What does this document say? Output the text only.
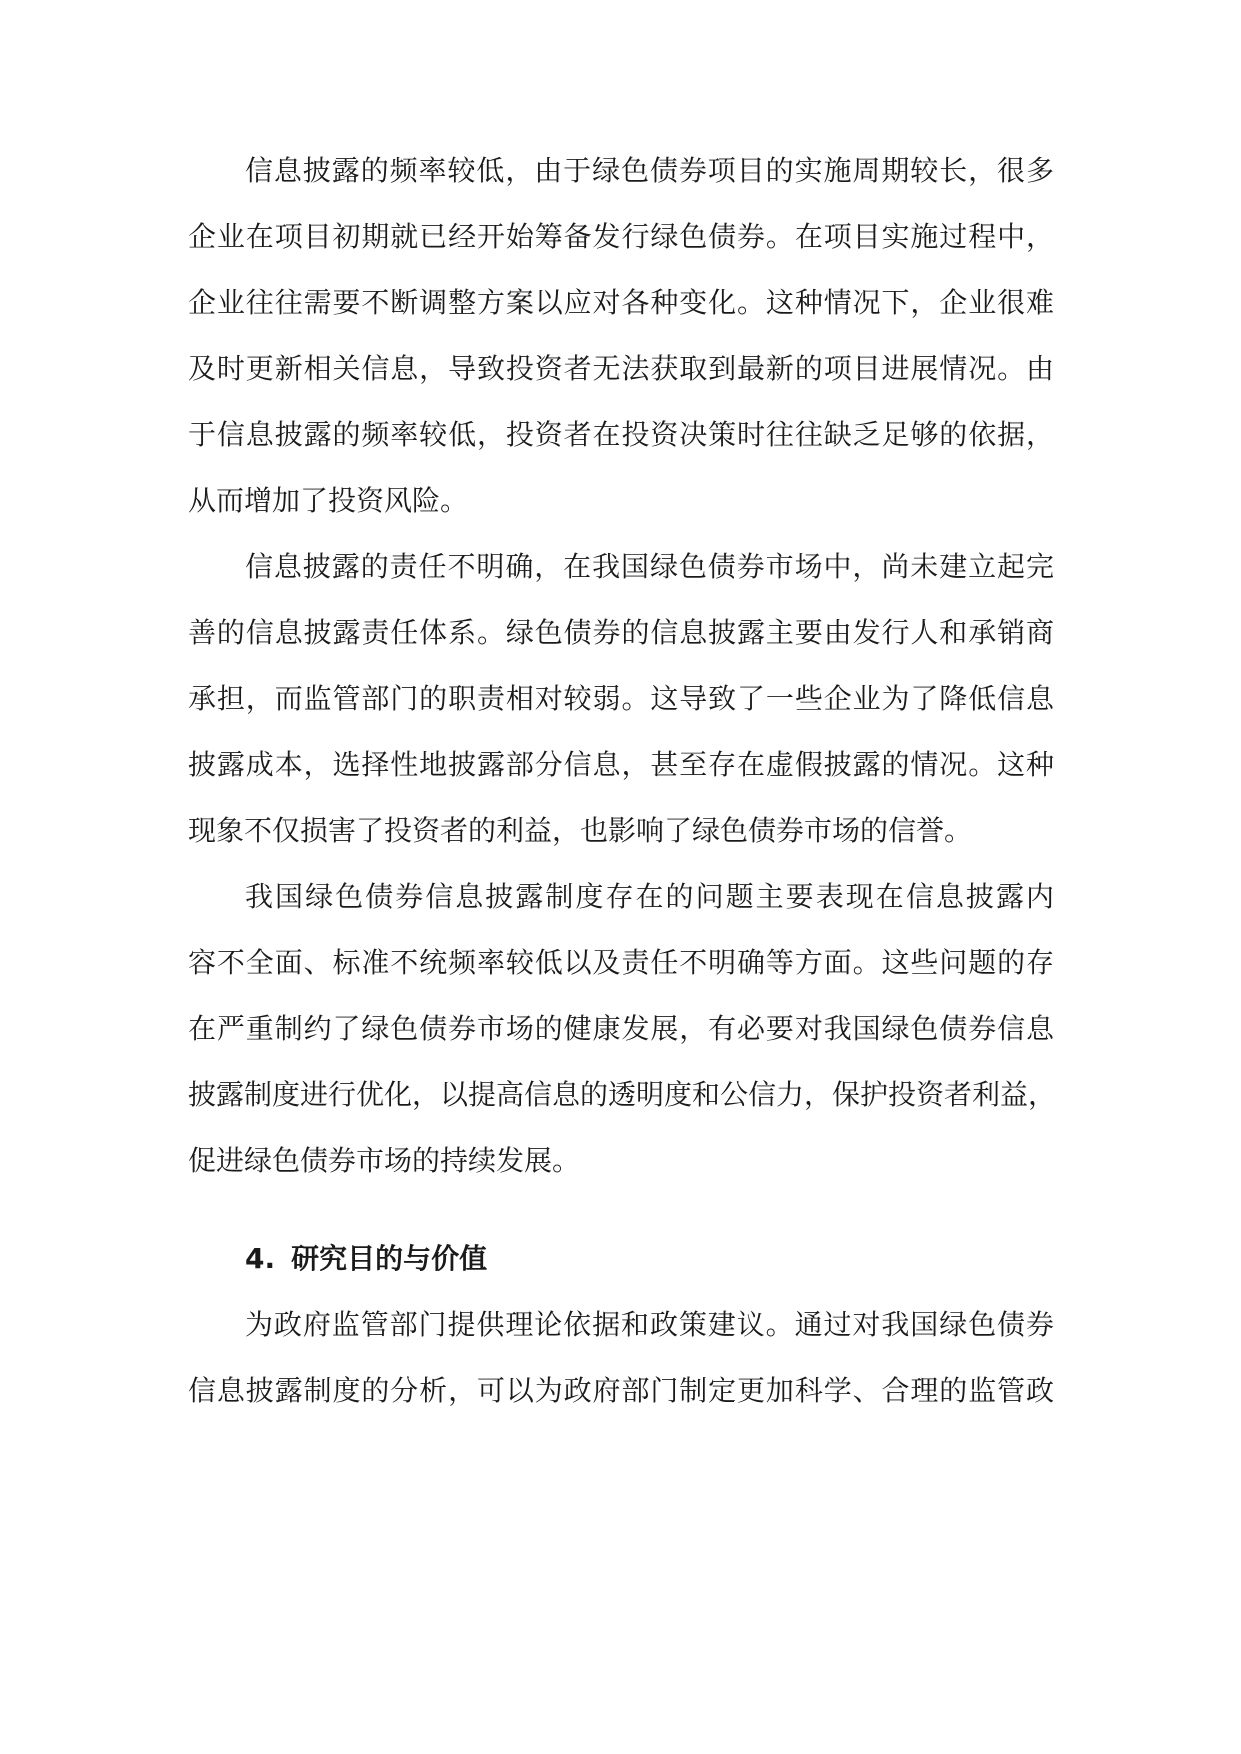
信息披露的频率较低，由于绿色债券项目的实施周期较长，很多
企业在项目初期就已经开始筹备发行绿色债券。在项目实施过程中，
企业往往需要不断调整方案以应对各种变化。这种情况下，企业很难
及时更新相关信息，导致投资者无法获取到最新的项目进展情况。由
于信息披露的频率较低，投资者在投资决策时往往缺乏足够的依据，
从而增加了投资风险。
信息披露的责任不明确，在我国绿色债券市场中，尚未建立起完
善的信息披露责任体系。绿色债券的信息披露主要由发行人和承销商
承担，而监管部门的职责相对较弱。这导致了一些企业为了降低信息
披露成本，选择性地披露部分信息，甚至存在虚假披露的情况。这种
现象不仅损害了投资者的利益，也影响了绿色债券市场的信誉。
我国绿色债券信息披露制度存在的问题主要表现在信息披露内
容不全面、标准不统频率较低以及责任不明确等方面。这些问题的存
在严重制约了绿色债券市场的健康发展，有必要对我国绿色债券信息
披露制度进行优化，以提高信息的透明度和公信力，保护投资者利益，
促进绿色债券市场的持续发展。
4. 研究目的与价值
为政府监管部门提供理论依据和政策建议。通过对我国绿色债券
信息披露制度的分析，可以为政府部门制定更加科学、合理的监管政
